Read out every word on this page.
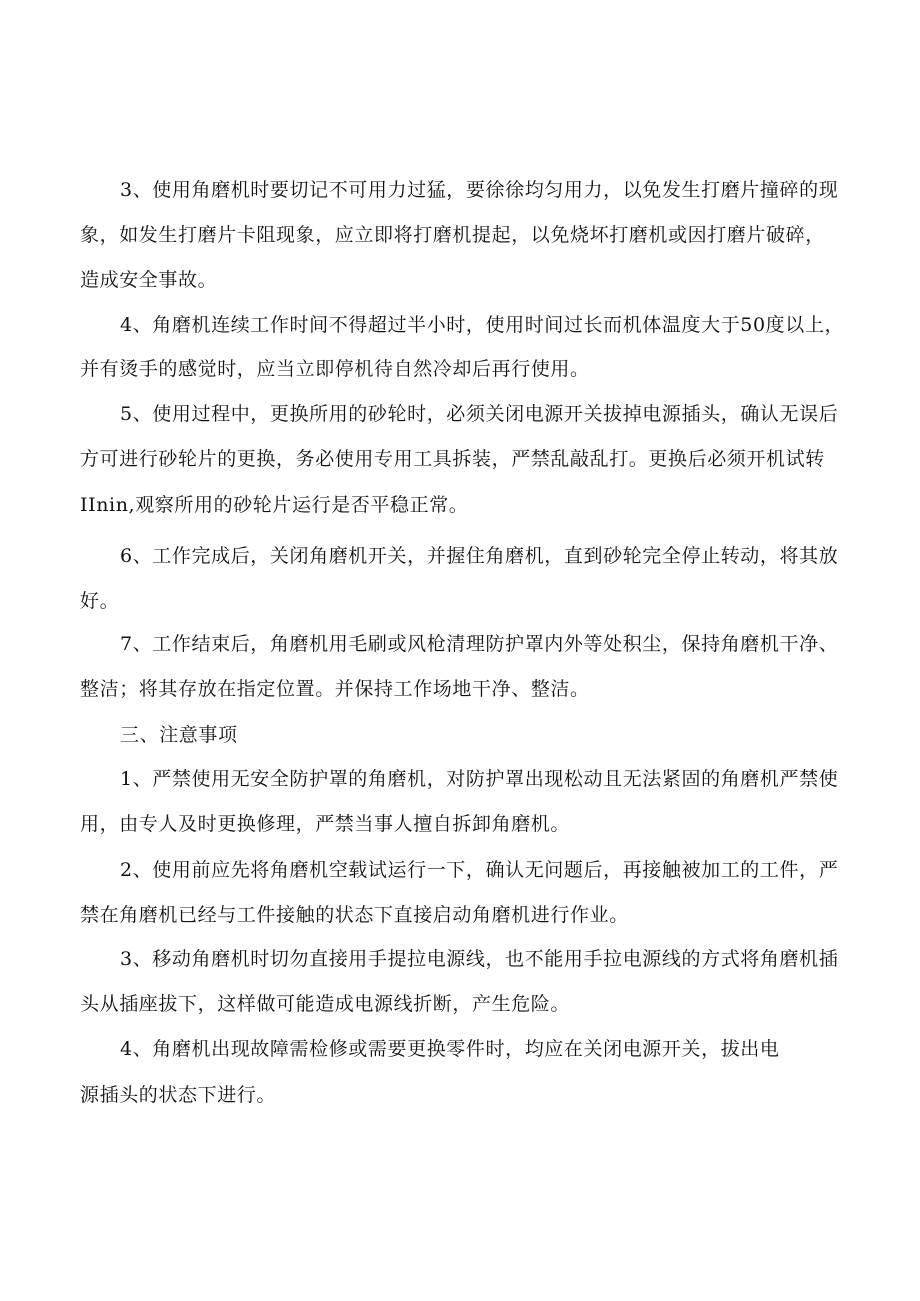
3、使用角磨机时要切记不可用力过猛，要徐徐均匀用力，以免发生打磨片撞碎的现
象，如发生打磨片卡阻现象，应立即将打磨机提起，以免烧坏打磨机或因打磨片破碎，
造成安全事故。
4、角磨机连续工作时间不得超过半小时，使用时间过长而机体温度大于50度以上，
并有烫手的感觉时，应当立即停机待自然冷却后再行使用。
5、使用过程中，更换所用的砂轮时，必须关闭电源开关拔掉电源插头，确认无误后
方可进行砂轮片的更换，务必使用专用工具拆装，严禁乱敲乱打。更换后必须开机试转
IInin,观察所用的砂轮片运行是否平稳正常。
6、工作完成后，关闭角磨机开关，并握住角磨机，直到砂轮完全停止转动，将其放
好。
7、工作结束后，角磨机用毛刷或风枪清理防护罩内外等处积尘，保持角磨机干净、
整洁；将其存放在指定位置。并保持工作场地干净、整洁。
三、注意事项
1、严禁使用无安全防护罩的角磨机，对防护罩出现松动且无法紧固的角磨机严禁使
用，由专人及时更换修理，严禁当事人擅自拆卸角磨机。
2、使用前应先将角磨机空载试运行一下，确认无问题后，再接触被加工的工件，严
禁在角磨机已经与工件接触的状态下直接启动角磨机进行作业。
3、移动角磨机时切勿直接用手提拉电源线，也不能用手拉电源线的方式将角磨机插
头从插座拔下，这样做可能造成电源线折断，产生危险。
4、角磨机出现故障需检修或需要更换零件时，均应在关闭电源开关，拔出电
源插头的状态下进行。
